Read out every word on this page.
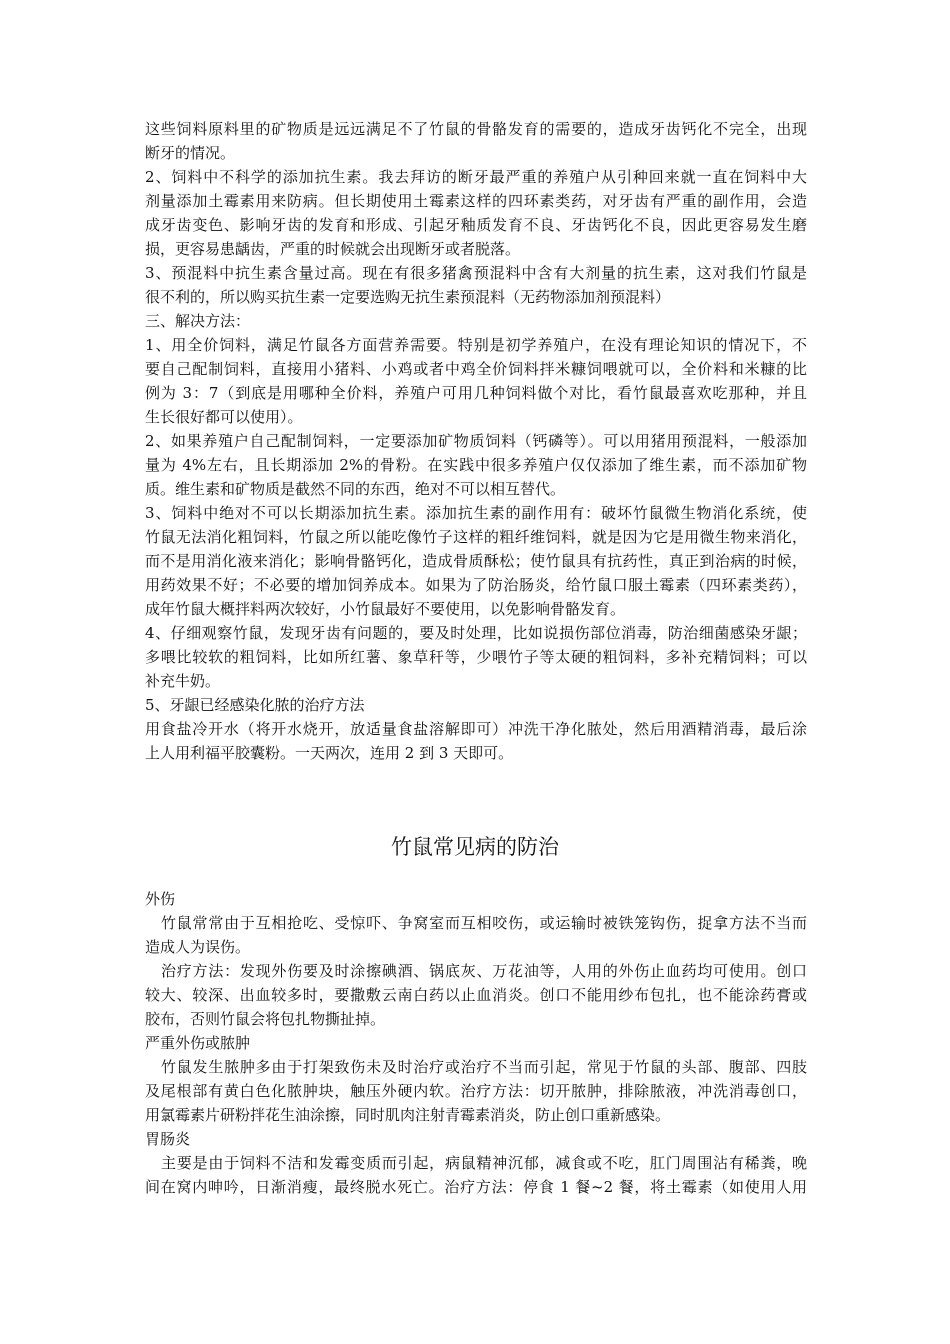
这些饲料原料里的矿物质是远远满足不了竹鼠的骨骼发育的需要的，造成牙齿钙化不完全，出现
断牙的情况。
2、饲料中不科学的添加抗生素。我去拜访的断牙最严重的养殖户从引种回来就一直在饲料中大
剂量添加土霉素用来防病。但长期使用土霉素这样的四环素类药，对牙齿有严重的副作用，会造
成牙齿变色、影响牙齿的发育和形成、引起牙釉质发育不良、牙齿钙化不良，因此更容易发生磨
损，更容易患龋齿，严重的时候就会出现断牙或者脱落。
3、预混料中抗生素含量过高。现在有很多猪禽预混料中含有大剂量的抗生素，这对我们竹鼠是
很不利的，所以购买抗生素一定要选购无抗生素预混料（无药物添加剂预混料）
三、解决方法：
1、用全价饲料，满足竹鼠各方面营养需要。特别是初学养殖户，在没有理论知识的情况下，不
要自己配制饲料，直接用小猪料、小鸡或者中鸡全价饲料拌米糠饲喂就可以，全价料和米糠的比
例为 3：7（到底是用哪种全价料，养殖户可用几种饲料做个对比，看竹鼠最喜欢吃那种，并且
生长很好都可以使用）。
2、如果养殖户自己配制饲料，一定要添加矿物质饲料（钙磷等）。可以用猪用预混料，一般添加
量为 4%左右，且长期添加 2%的骨粉。在实践中很多养殖户仅仅添加了维生素，而不添加矿物
质。维生素和矿物质是截然不同的东西，绝对不可以相互替代。
3、饲料中绝对不可以长期添加抗生素。添加抗生素的副作用有：破坏竹鼠微生物消化系统，使
竹鼠无法消化粗饲料，竹鼠之所以能吃像竹子这样的粗纤维饲料，就是因为它是用微生物来消化，
而不是用消化液来消化；影响骨骼钙化，造成骨质酥松；使竹鼠具有抗药性，真正到治病的时候，
用药效果不好；不必要的增加饲养成本。如果为了防治肠炎，给竹鼠口服土霉素（四环素类药），
成年竹鼠大概拌料两次较好，小竹鼠最好不要使用，以免影响骨骼发育。
4、仔细观察竹鼠，发现牙齿有问题的，要及时处理，比如说损伤部位消毒，防治细菌感染牙龈；
多喂比较软的粗饲料，比如所红薯、象草秆等，少喂竹子等太硬的粗饲料，多补充精饲料；可以
补充牛奶。
5、牙龈已经感染化脓的治疗方法
用食盐冷开水（将开水烧开，放适量食盐溶解即可）冲洗干净化脓处，然后用酒精消毒，最后涂
上人用利福平胶囊粉。一天两次，连用 2 到 3 天即可。
竹鼠常见病的防治
外伤
竹鼠常常由于互相抢吃、受惊吓、争窝室而互相咬伤，或运输时被铁笼钩伤，捉拿方法不当而
造成人为误伤。
治疗方法：发现外伤要及时涂擦碘酒、锅底灰、万花油等，人用的外伤止血药均可使用。创口
较大、较深、出血较多时，要撒敷云南白药以止血消炎。创口不能用纱布包扎，也不能涂药膏或
胶布，否则竹鼠会将包扎物撕扯掉。
严重外伤或脓肿
竹鼠发生脓肿多由于打架致伤未及时治疗或治疗不当而引起，常见于竹鼠的头部、腹部、四肢
及尾根部有黄白色化脓肿块，触压外硬内软。治疗方法：切开脓肿，排除脓液，冲洗消毒创口，
用氯霉素片研粉拌花生油涂擦，同时肌肉注射青霉素消炎，防止创口重新感染。
胃肠炎
主要是由于饲料不洁和发霉变质而引起，病鼠精神沉郁，减食或不吃，肛门周围沾有稀粪，晚
间在窝内呻吟，日渐消瘦，最终脱水死亡。治疗方法：停食 1 餐~2 餐，将土霉素（如使用人用
